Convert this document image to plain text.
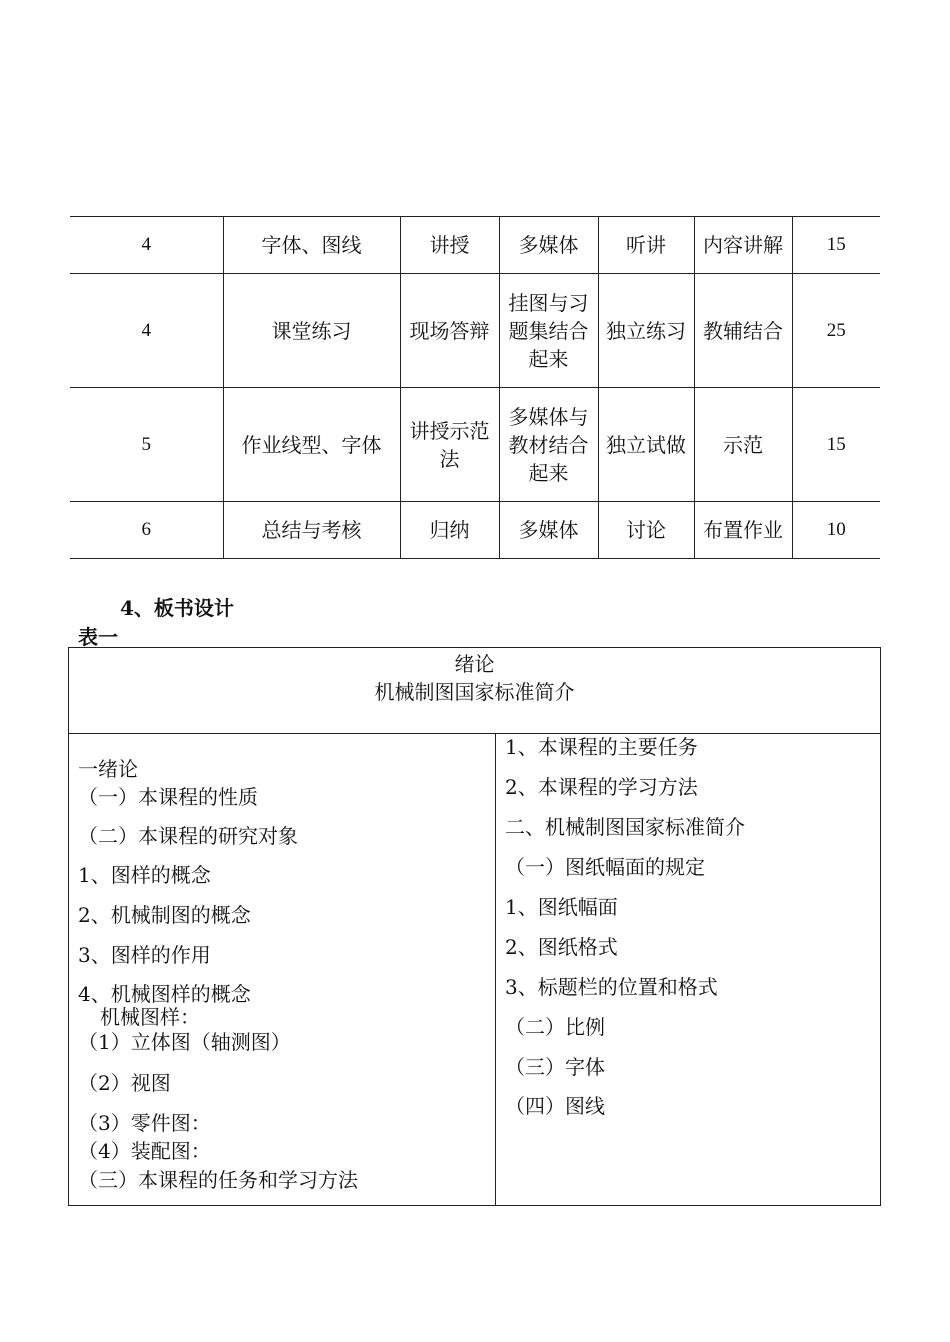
4	字体、图线	讲授	多媒体	听讲	内容讲解	15
4	课堂练习	现场答辩	挂图与习题集结合起来	独立练习	教辅结合	25
5	作业线型、字体	讲授示范法	多媒体与教材结合起来	独立试做	示范	15
6	总结与考核	归纳	多媒体	讨论	布置作业	10
4、板书设计
表一
绪论
机械制图国家标准简介
一绪论
（一）本课程的性质
（二）本课程的研究对象
1、图样的概念
2、机械制图的概念
3、图样的作用
4、机械图样的概念
机械图样：
（1）立体图（轴测图）
（2）视图
（3）零件图：
（4）装配图：
（三）本课程的任务和学习方法
1、本课程的主要任务
2、本课程的学习方法
二、机械制图国家标准简介
（一）图纸幅面的规定
1、图纸幅面
2、图纸格式
3、标题栏的位置和格式
（二）比例
（三）字体
（四）图线
